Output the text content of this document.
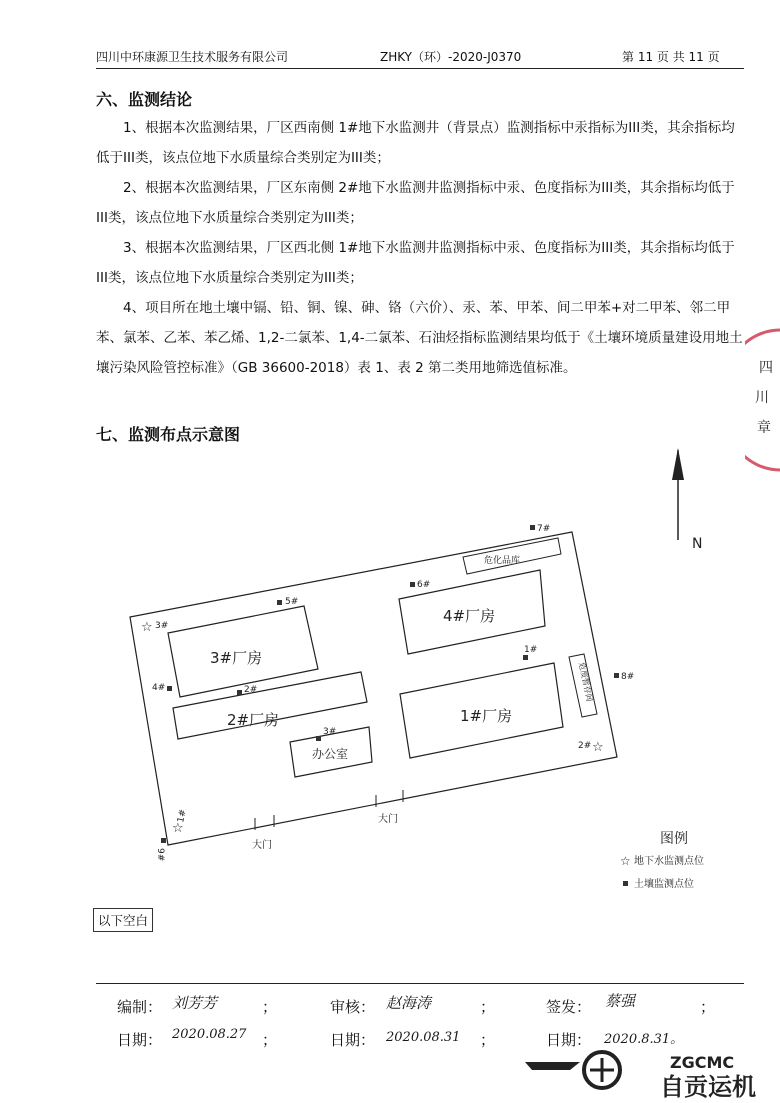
四川中环康源卫生技术服务有限公司	ZHKY（环）-2020-J0370	第 11 页 共 11 页
六、监测结论
1、根据本次监测结果，厂区西南侧 1#地下水监测井（背景点）监测指标中汞指标为III类，其余指标均低于III类，该点位地下水质量综合类别定为III类；
2、根据本次监测结果，厂区东南侧 2#地下水监测井监测指标中汞、色度指标为III类，其余指标均低于III类，该点位地下水质量综合类别定为III类；
3、根据本次监测结果，厂区西北侧 1#地下水监测井监测指标中汞、色度指标为III类，其余指标均低于III类，该点位地下水质量综合类别定为III类；
4、项目所在地土壤中镉、铅、铜、镍、砷、铬（六价）、汞、苯、甲苯、间二甲苯+对二甲苯、邻二甲苯、氯苯、乙苯、苯乙烯、1,2-二氯苯、1,4-二氯苯、石油烃指标监测结果均低于《土壤环境质量建设用地土壤污染风险管控标准》（GB 36600-2018）表 1、表 2 第二类用地筛选值标准。
七、监测布点示意图
N
3#厂房
2#厂房
办公室
4#厂房
1#厂房
危化品库
危废暂存间
大门
大门
☆ 3#
☆
1#
☆
2#
1#
2#
3#
4#
5#
6#
7#
8#
9#
图例
☆ 地下水监测点位
土壤监测点位
以下空白
编制： 刘芳芳	；	审核： 赵海涛	；	签发： 蔡强	；
日期： 2020.08.27 ；	日期： 2020.08.31 ；	日期： 2020.8.31。
四
川
章
ZGCMC
自贡运机
